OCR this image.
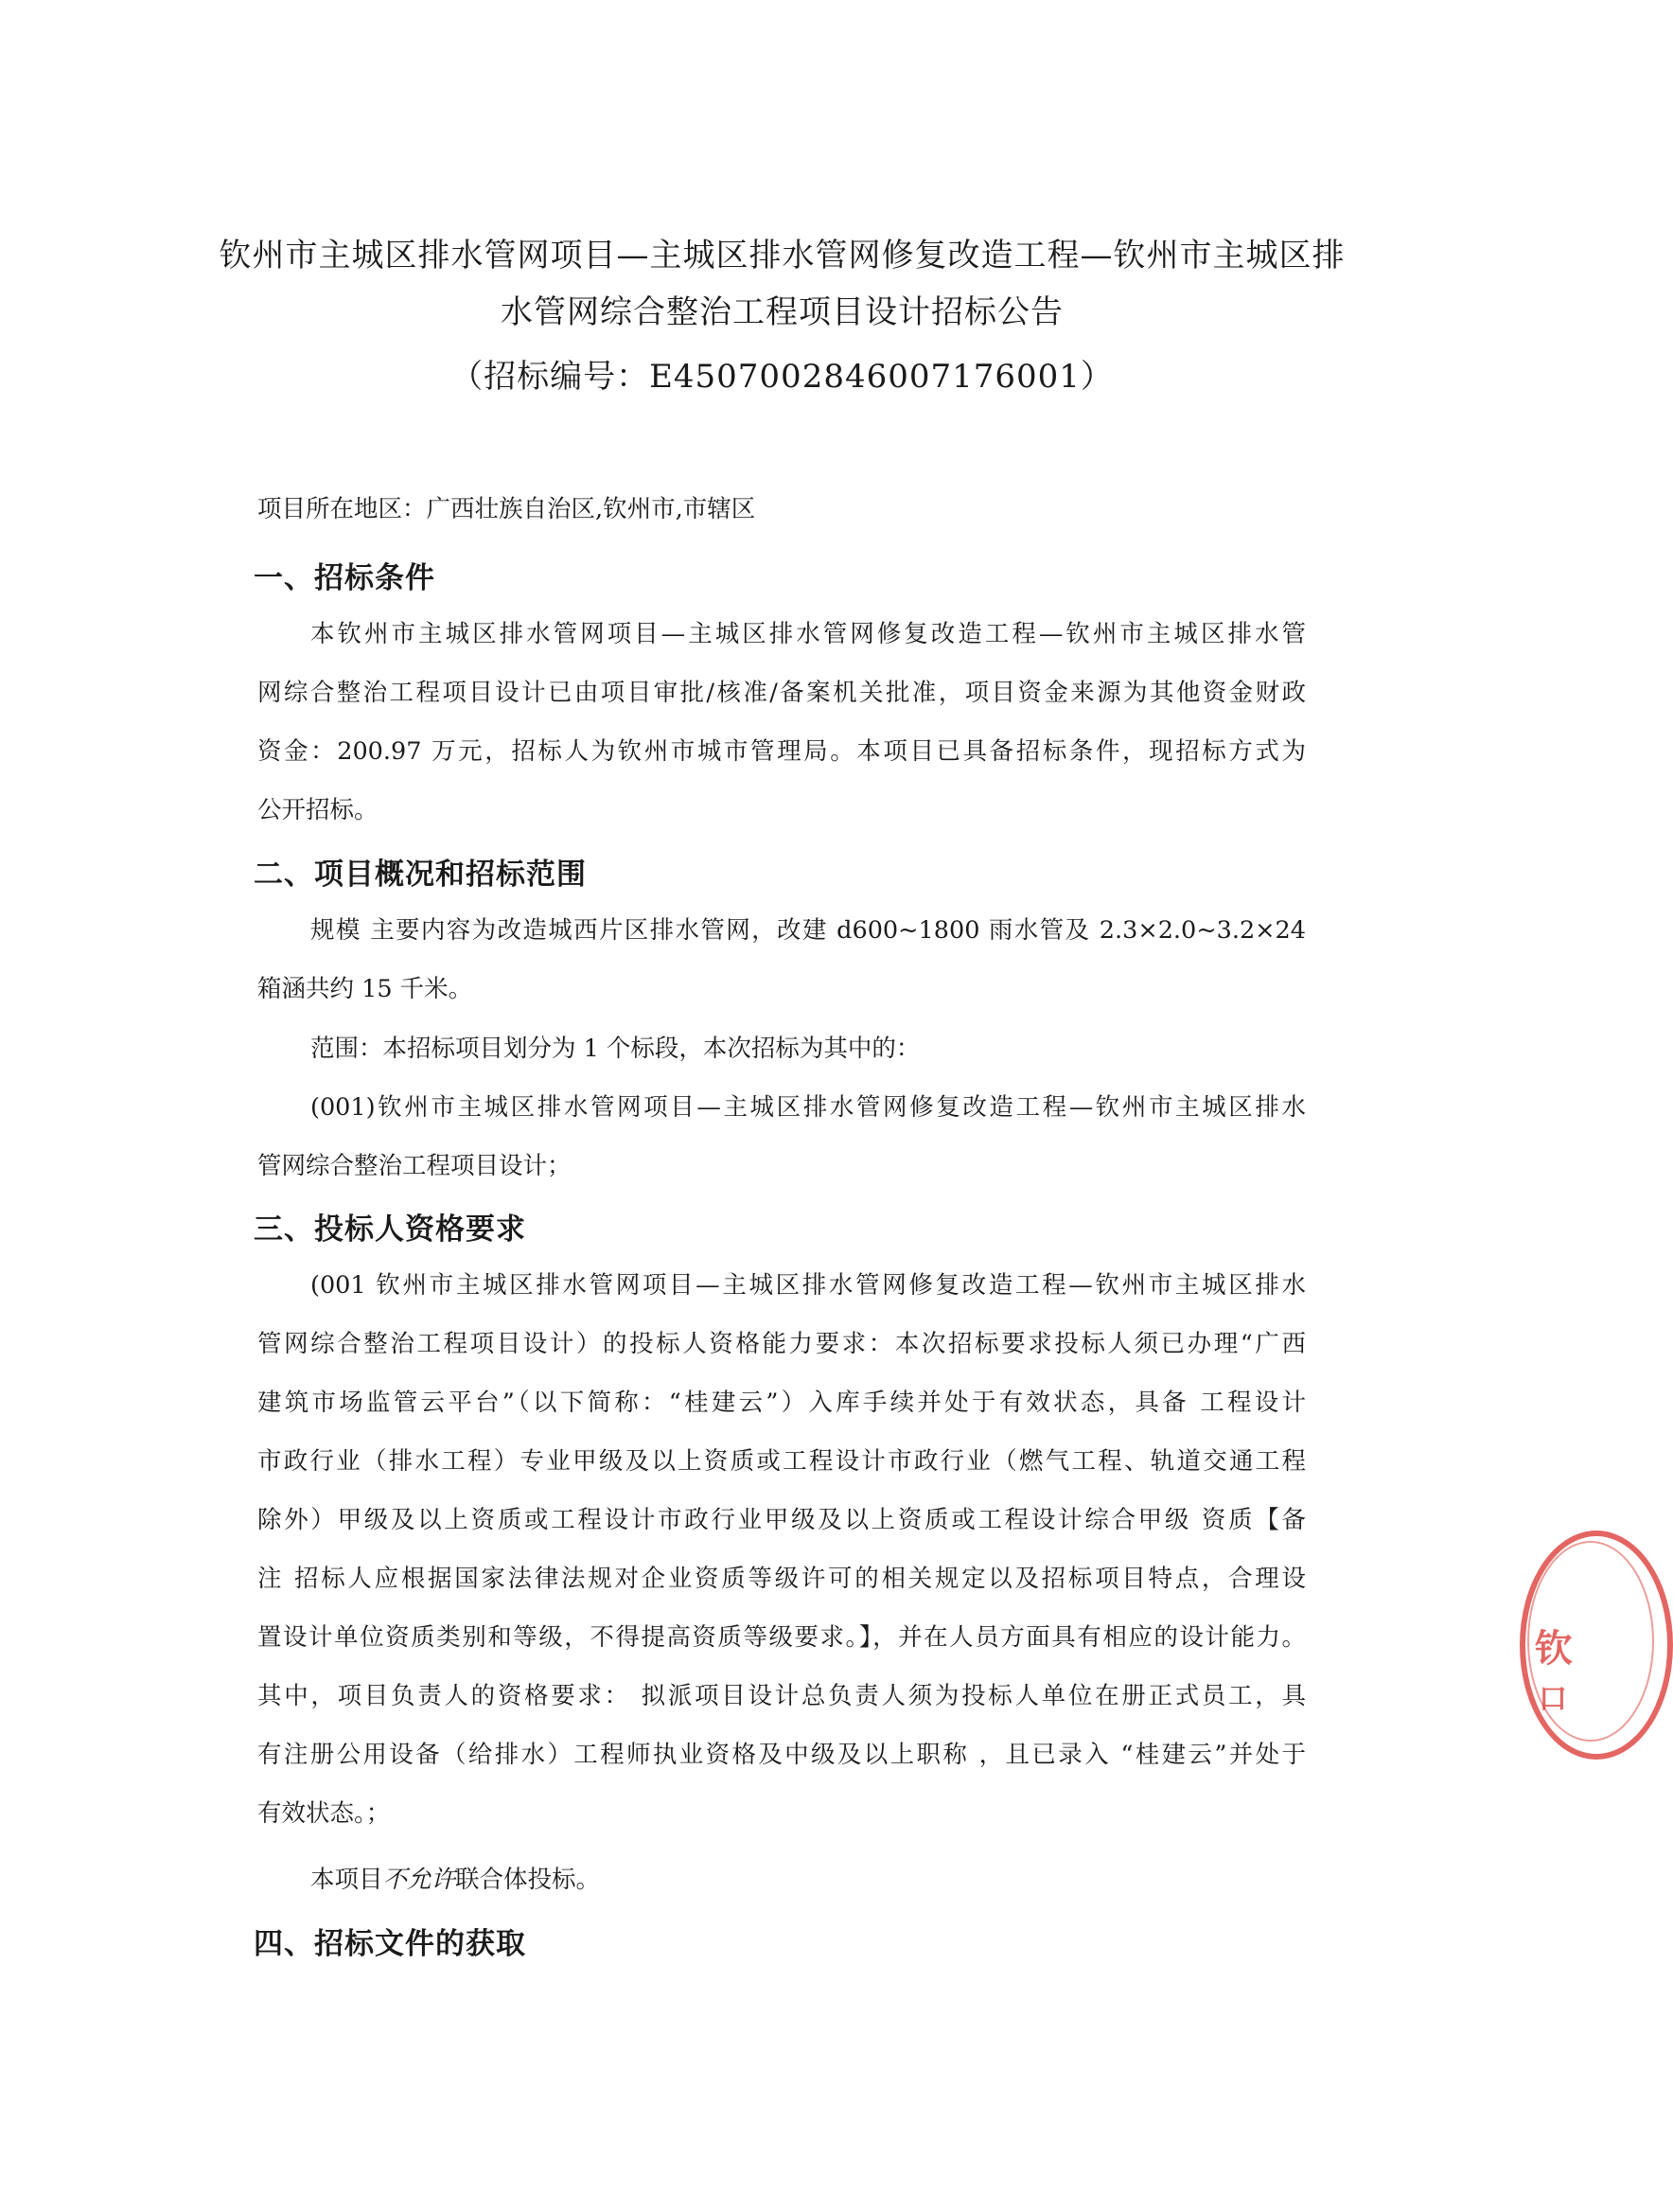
钦州市主城区排水管网项目—主城区排水管网修复改造工程—钦州市主城区排
水管网综合整治工程项目设计招标公告
（招标编号：E4507002846007176001）
项目所在地区：广西壮族自治区,钦州市,市辖区
一、招标条件
本钦州市主城区排水管网项目—主城区排水管网修复改造工程—钦州市主城区排水管
网综合整治工程项目设计已由项目审批/核准/备案机关批准，项目资金来源为其他资金财政
资金：200.97 万元，招标人为钦州市城市管理局。本项目已具备招标条件，现招标方式为
公开招标。
二、项目概况和招标范围
规模 主要内容为改造城西片区排水管网，改建 d600~1800 雨水管及 2.3×2.0~3.2×24
箱涵共约 15 千米。
范围：本招标项目划分为 1 个标段，本次招标为其中的：
(001)钦州市主城区排水管网项目—主城区排水管网修复改造工程—钦州市主城区排水
管网综合整治工程项目设计；
三、投标人资格要求
(001 钦州市主城区排水管网项目—主城区排水管网修复改造工程—钦州市主城区排水
管网综合整治工程项目设计）的投标人资格能力要求：本次招标要求投标人须已办理“广西
建筑市场监管云平台”（以下简称：“桂建云”）入库手续并处于有效状态，具备 工程设计
市政行业（排水工程）专业甲级及以上资质或工程设计市政行业（燃气工程、轨道交通工程
除外）甲级及以上资质或工程设计市政行业甲级及以上资质或工程设计综合甲级 资质【备
注 招标人应根据国家法律法规对企业资质等级许可的相关规定以及招标项目特点，合理设
置设计单位资质类别和等级，不得提高资质等级要求。】，并在人员方面具有相应的设计能力。
其中，项目负责人的资格要求： 拟派项目设计总负责人须为投标人单位在册正式员工，具
有注册公用设备（给排水）工程师执业资格及中级及以上职称 ，且已录入 “桂建云”并处于
有效状态。；
本项目不允许联合体投标。
四、招标文件的获取
钦
口
